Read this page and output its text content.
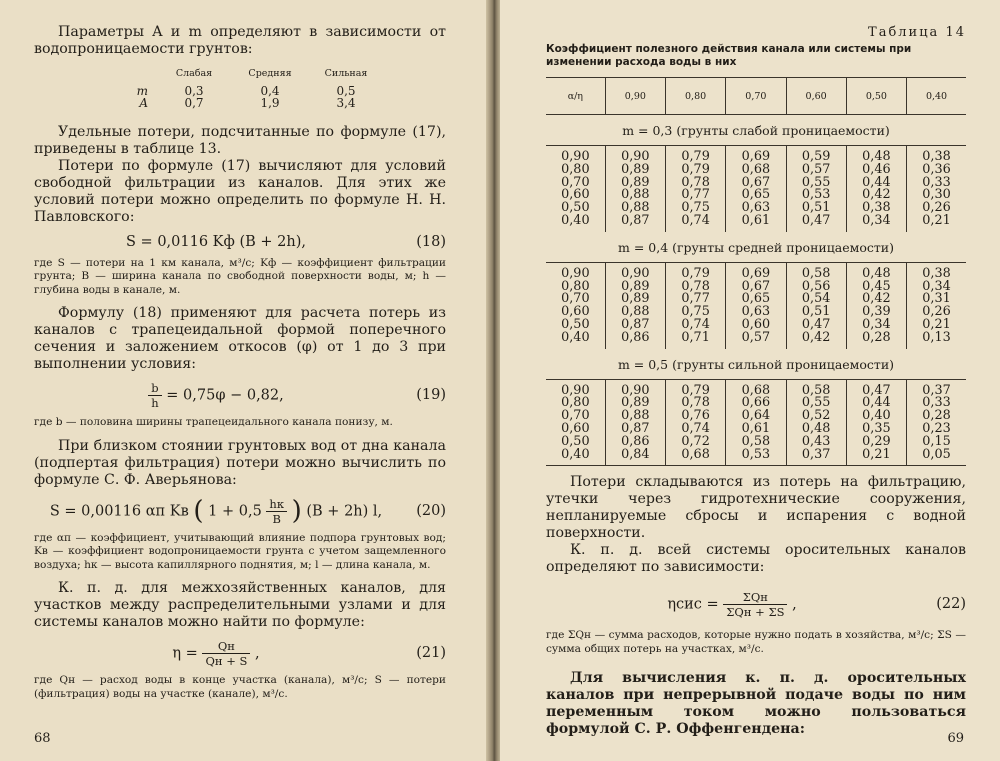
Параметры A и m определяют в зависимости от водопроницаемости грунтов:

	Слабая	Средняя	Сильная
m	0,3	0,4	0,5
A	0,7	1,9	3,4

Удельные потери, подсчитанные по формуле (17), приведены в таблице 13.

Потери по формуле (17) вычисляют для условий свободной фильтрации из каналов. Для этих же условий потери можно определить по формуле Н. Н. Павловского:

S = 0,0116 Kф (B + 2h),	(18)

где S — потери на 1 км канала, м³/с; Kф — коэффициент фильтрации грунта; B — ширина канала по свободной поверхности воды, м; h — глубина воды в канале, м.

Формулу (18) применяют для расчета потерь из каналов с трапецеидальной формой поперечного сечения и заложением откосов (φ) от 1 до 3 при выполнении условия:

$\frac{b}{h} = 0,75\varphi - 0,82$,	(19)

где b — половина ширины трапецеидального канала понизу, м.

При близком стоянии грунтовых вод от дна канала (подпертая фильтрация) потери можно вычислить по формуле С. Ф. Аверьянова:

S = 0,00116 αп Kв ( $1 + 0,5 \frac{hк}{B}$ ) (B + 2h) l,	(20)

где αп — коэффициент, учитывающий влияние подпора грунтовых вод; Kв — коэффициент водопроницаемости грунта с учетом защемленного воздуха; hк — высота капиллярного поднятия, м; l — длина канала, м.

К. п. д. для межхозяйственных каналов, для участков между распределительными узлами и для системы каналов можно найти по формуле:

$\eta = \frac{Qн}{Qн + S}$ ,	(21)

где Qн — расход воды в конце участка (канала), м³/с; S — потери (фильтрация) воды на участке (канале), м³/с.

68

Таблица 14

Коэффициент полезного действия канала или системы при изменении расхода воды в них

α/η	0,90	0,80	0,70	0,60	0,50	0,40
m = 0,3 (грунты слабой проницаемости)						
0,90	0,90	0,79	0,69	0,59	0,48	0,38
0,80	0,89	0,79	0,68	0,57	0,46	0,36
0,70	0,89	0,78	0,67	0,55	0,44	0,33
0,60	0,88	0,77	0,65	0,53	0,42	0,30
0,50	0,88	0,75	0,63	0,51	0,38	0,26
0,40	0,87	0,74	0,61	0,47	0,34	0,21
m = 0,4 (грунты средней проницаемости)						
0,90	0,90	0,79	0,69	0,58	0,48	0,38
0,80	0,89	0,78	0,67	0,56	0,45	0,34
0,70	0,89	0,77	0,65	0,54	0,42	0,31
0,60	0,88	0,75	0,63	0,51	0,39	0,26
0,50	0,87	0,74	0,60	0,47	0,34	0,21
0,40	0,86	0,71	0,57	0,42	0,28	0,13
m = 0,5 (грунты сильной проницаемости)						
0,90	0,90	0,79	0,68	0,58	0,47	0,37
0,80	0,89	0,78	0,66	0,55	0,44	0,33
0,70	0,88	0,76	0,64	0,52	0,40	0,28
0,60	0,87	0,74	0,61	0,48	0,35	0,23
0,50	0,86	0,72	0,58	0,43	0,29	0,15
0,40	0,84	0,68	0,53	0,37	0,21	0,05

Потери складываются из потерь на фильтрацию, утечки через гидротехнические сооружения, непланируемые сбросы и испарения с водной поверхности.

К. п. д. всей системы оросительных каналов определяют по зависимости:

$\eta сис = \frac{\text{ΣQн}}{\text{ΣQн + ΣS}}$ ,	(22)

где ΣQн — сумма расходов, которые нужно подать в хозяйства, м³/с; ΣS — сумма общих потерь на участках, м³/с.

Для вычисления к. п. д. оросительных каналов при непрерывной подаче воды по ним переменным током можно пользоваться формулой С. Р. Оффенгендена:

69
